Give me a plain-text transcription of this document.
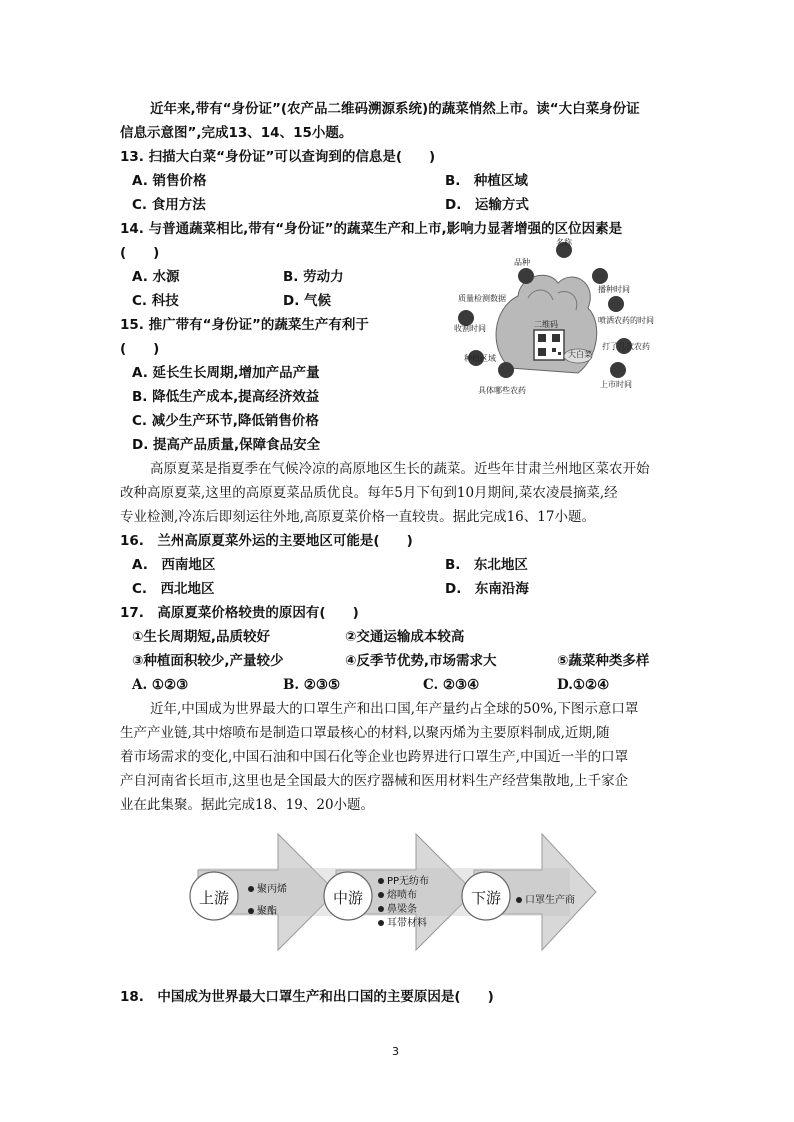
近年来,带有“身份证”(农产品二维码溯源系统)的蔬菜悄然上市。读“大白菜身份证
信息示意图”,完成13、14、15小题。
13. 扫描大白菜“身份证”可以查询到的信息是(　　)
A. 销售价格	B.　种植区域
C. 食用方法	D.　运输方式
14. 与普通蔬菜相比,带有“身份证”的蔬菜生产和上市,影响力显著增强的区位因素是
(　　)
A. 水源	B. 劳动力
C. 科技	D. 气候
15. 推广带有“身份证”的蔬菜生产有利于
(　　)
A. 延长生长周期,增加产品产量
B. 降低生产成本,提高经济效益
C. 减少生产环节,降低销售价格
D. 提高产品质量,保障食品安全
品种
名称
播种时间
质量检测数据
喷洒农药的时间
收割时间
打了几次农药
种植区域
上市时间
具体哪些农药
二维码
大白菜
高原夏菜是指夏季在气候冷凉的高原地区生长的蔬菜。近些年甘肃兰州地区菜农开始
改种高原夏菜,这里的高原夏菜品质优良。每年5月下旬到10月期间,菜农凌晨摘菜,经
专业检测,冷冻后即刻运往外地,高原夏菜价格一直较贵。据此完成16、17小题。
16.　兰州高原夏菜外运的主要地区可能是(　　)
A.　西南地区	B.　东北地区
C.　西北地区	D.　东南沿海
17.　高原夏菜价格较贵的原因有(　　)
①生长周期短,品质较好	②交通运输成本较高
③种植面积较少,产量较少	④反季节优势,市场需求大	⑤蔬菜种类多样
A. ①②③	B. ②③⑤	C. ②③④	D.①②④
近年,中国成为世界最大的口罩生产和出口国,年产量约占全球的50%,下图示意口罩
生产产业链,其中熔喷布是制造口罩最核心的材料,以聚丙烯为主要原料制成,近期,随
着市场需求的变化,中国石油和中国石化等企业也跨界进行口罩生产,中国近一半的口罩
产自河南省长垣市,这里也是全国最大的医疗器械和医用材料生产经营集散地,上千家企
业在此集聚。据此完成18、19、20小题。
上游	中游	下游
聚丙烯
聚酯
PP无纺布
熔喷布
鼻梁条
耳带材料
口罩生产商
18.　中国成为世界最大口罩生产和出口国的主要原因是(　　)
3
